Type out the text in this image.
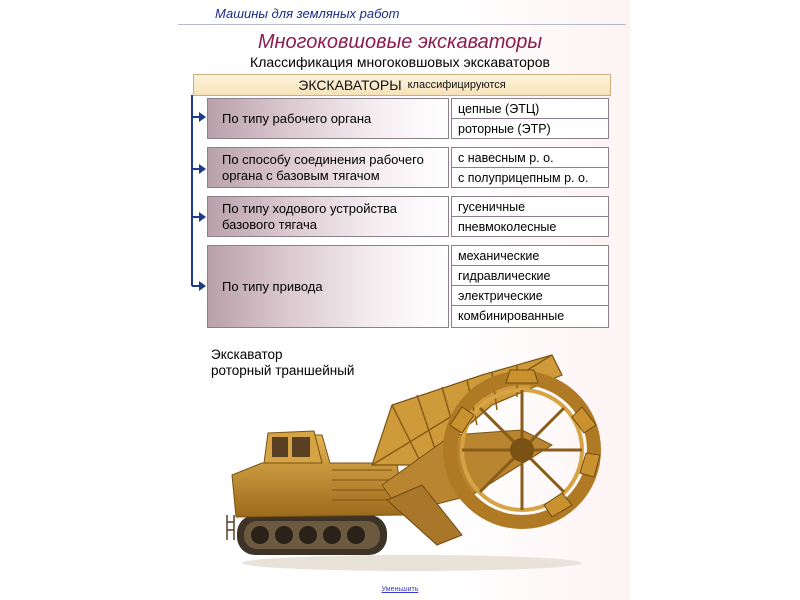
Машины для земляных работ
Многоковшовые экскаваторы
Классификация многоковшовых экскаваторов
ЭКСКАВАТОРЫ классифицируются
По типу рабочего органа
цепные (ЭТЦ)
роторные (ЭТР)
По способу соединения рабочего
органа с базовым тягачом
с навесным р. о.
с полуприцепным р. о.
По типу ходового устройства
базового тягача
гусеничные
пневмоколесные
По типу привода
механические
гидравлические
электрические
комбинированные
Экскаватор
роторный траншейный
Уменьшить
